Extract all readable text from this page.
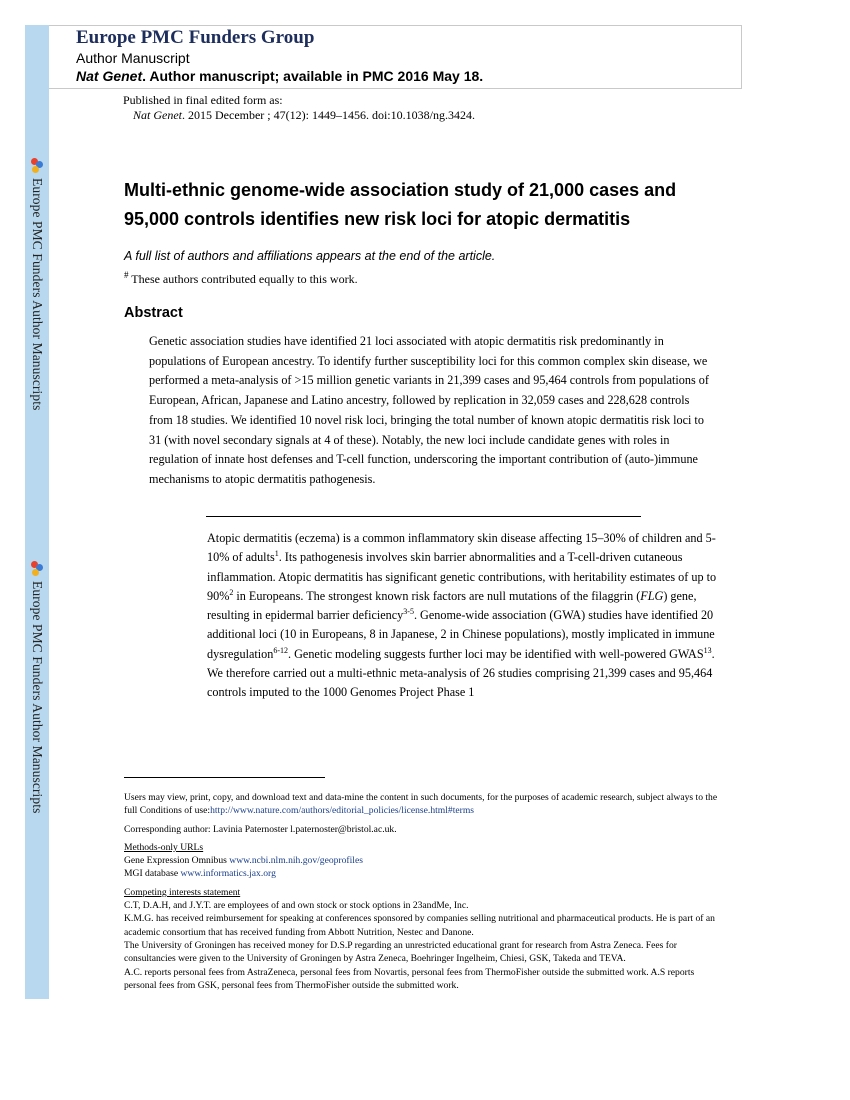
Europe PMC Funders Author Manuscripts
Europe PMC Funders Author Manuscripts
Europe PMC Funders Group
Author Manuscript
Nat Genet. Author manuscript; available in PMC 2016 May 18.
Published in final edited form as:
Nat Genet. 2015 December ; 47(12): 1449–1456. doi:10.1038/ng.3424.
Multi-ethnic genome-wide association study of 21,000 cases and 95,000 controls identifies new risk loci for atopic dermatitis
A full list of authors and affiliations appears at the end of the article.
# These authors contributed equally to this work.
Abstract
Genetic association studies have identified 21 loci associated with atopic dermatitis risk predominantly in populations of European ancestry. To identify further susceptibility loci for this common complex skin disease, we performed a meta-analysis of >15 million genetic variants in 21,399 cases and 95,464 controls from populations of European, African, Japanese and Latino ancestry, followed by replication in 32,059 cases and 228,628 controls from 18 studies. We identified 10 novel risk loci, bringing the total number of known atopic dermatitis risk loci to 31 (with novel secondary signals at 4 of these). Notably, the new loci include candidate genes with roles in regulation of innate host defenses and T-cell function, underscoring the important contribution of (auto-)immune mechanisms to atopic dermatitis pathogenesis.
Atopic dermatitis (eczema) is a common inflammatory skin disease affecting 15–30% of children and 5-10% of adults$^1$. Its pathogenesis involves skin barrier abnormalities and a T-cell-driven cutaneous inflammation. Atopic dermatitis has significant genetic contributions, with heritability estimates of up to 90%$^2$ in Europeans. The strongest known risk factors are null mutations of the filaggrin (FLG) gene, resulting in epidermal barrier deficiency$^{3-5}$. Genome-wide association (GWA) studies have identified 20 additional loci (10 in Europeans, 8 in Japanese, 2 in Chinese populations), mostly implicated in immune dysregulation$^{6-12}$. Genetic modeling suggests further loci may be identified with well-powered GWAS$^{13}$. We therefore carried out a multi-ethnic meta-analysis of 26 studies comprising 21,399 cases and 95,464 controls imputed to the 1000 Genomes Project Phase 1
Users may view, print, copy, and download text and data-mine the content in such documents, for the purposes of academic research, subject always to the full Conditions of use:http://www.nature.com/authors/editorial_policies/license.html#terms
Corresponding author: Lavinia Paternoster l.paternoster@bristol.ac.uk.
Methods-only URLs
Gene Expression Omnibus www.ncbi.nlm.nih.gov/geoprofiles
MGI database www.informatics.jax.org
Competing interests statement
C.T, D.A.H, and J.Y.T. are employees of and own stock or stock options in 23andMe, Inc.
K.M.G. has received reimbursement for speaking at conferences sponsored by companies selling nutritional and pharmaceutical products. He is part of an academic consortium that has received funding from Abbott Nutrition, Nestec and Danone.
The University of Groningen has received money for D.S.P regarding an unrestricted educational grant for research from Astra Zeneca. Fees for consultancies were given to the University of Groningen by Astra Zeneca, Boehringer Ingelheim, Chiesi, GSK, Takeda and TEVA.
A.C. reports personal fees from AstraZeneca, personal fees from Novartis, personal fees from ThermoFisher outside the submitted work. A.S reports personal fees from GSK, personal fees from ThermoFisher outside the submitted work.
